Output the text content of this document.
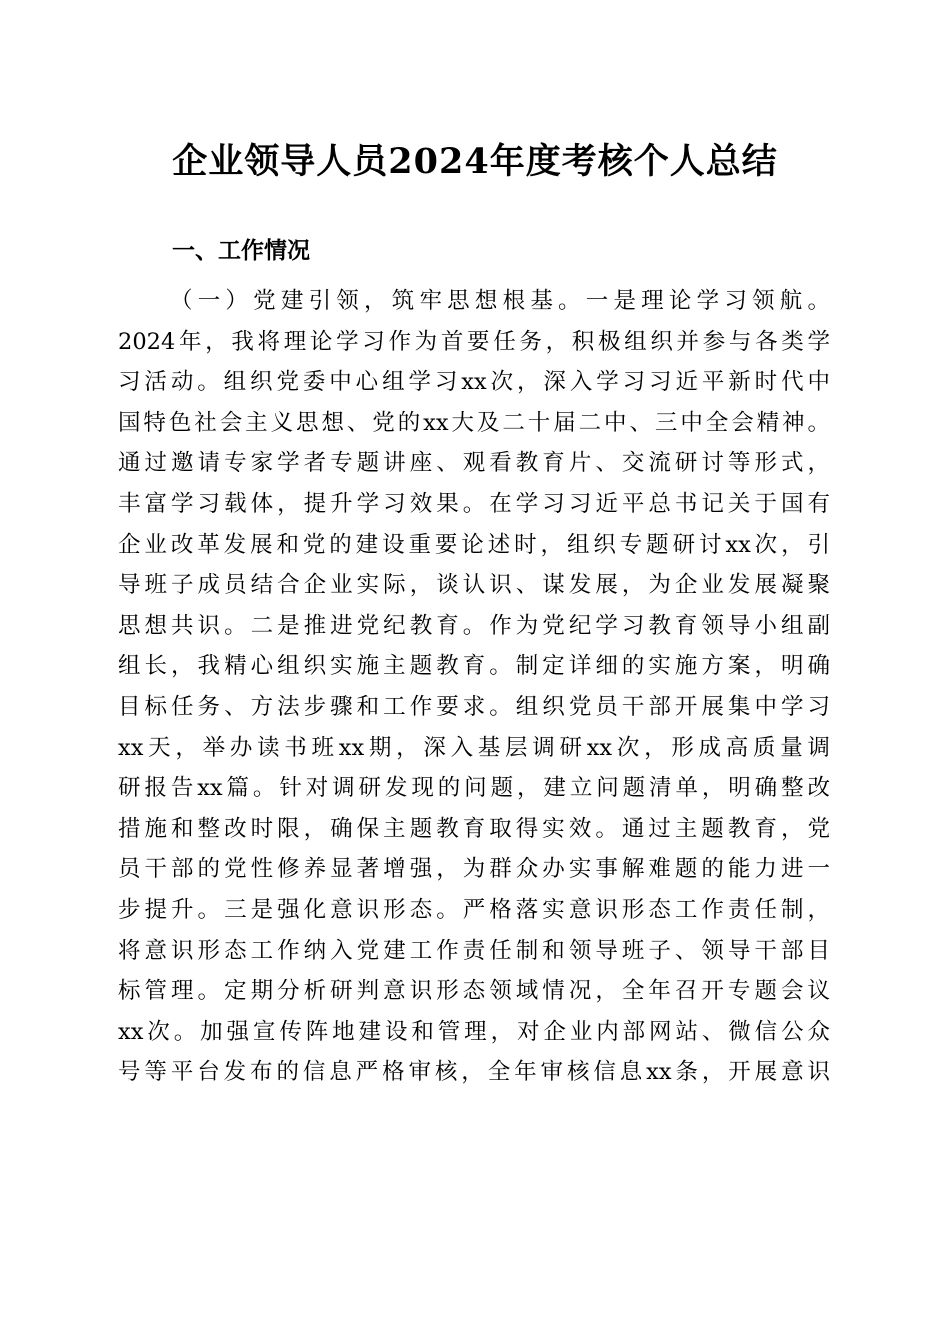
企业领导人员2024年度考核个人总结
一、工作情况
（一）党建引领，筑牢思想根基。一是理论学习领航。
2024年，我将理论学习作为首要任务，积极组织并参与各类学
习活动。组织党委中心组学习xx次，深入学习习近平新时代中
国特色社会主义思想、党的xx大及二十届二中、三中全会精神。
通过邀请专家学者专题讲座、观看教育片、交流研讨等形式，
丰富学习载体，提升学习效果。在学习习近平总书记关于国有
企业改革发展和党的建设重要论述时，组织专题研讨xx次，引
导班子成员结合企业实际，谈认识、谋发展，为企业发展凝聚
思想共识。二是推进党纪教育。作为党纪学习教育领导小组副
组长，我精心组织实施主题教育。制定详细的实施方案，明确
目标任务、方法步骤和工作要求。组织党员干部开展集中学习
xx天，举办读书班xx期，深入基层调研xx次，形成高质量调
研报告xx篇。针对调研发现的问题，建立问题清单，明确整改
措施和整改时限，确保主题教育取得实效。通过主题教育，党
员干部的党性修养显著增强，为群众办实事解难题的能力进一
步提升。三是强化意识形态。严格落实意识形态工作责任制，
将意识形态工作纳入党建工作责任制和领导班子、领导干部目
标管理。定期分析研判意识形态领域情况，全年召开专题会议
xx次。加强宣传阵地建设和管理，对企业内部网站、微信公众
号等平台发布的信息严格审核，全年审核信息xx条，开展意识
